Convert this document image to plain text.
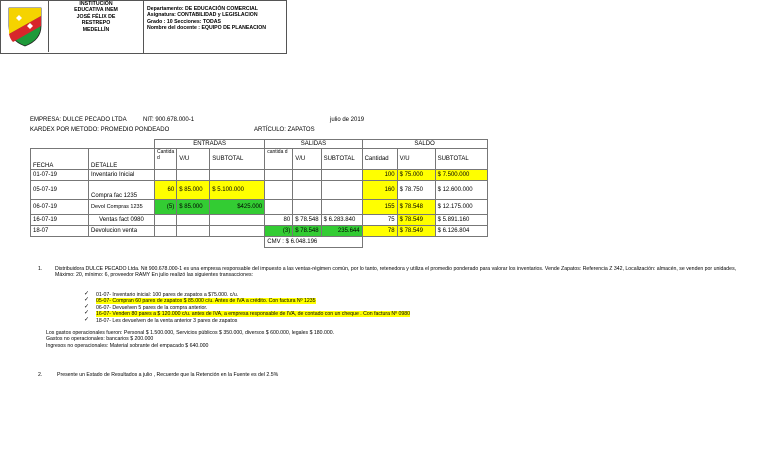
INSTITUCIÓN
EDUCATIVA INEM
JOSÉ FÉLIX DE
RESTREPO
MEDELLÍN
Departamento: DE EDUCACIÓN COMERCIAL
Asignatura: CONTABILIDAD y LEGISLACION
Grado : 10 Secciones: TODAS
Nombre del docente : EQUIPO DE PLANEACION
EMPRESA: DULCE PECADO LTDA	NIT: 900.678.000-1	julio de 2019
KARDEX POR METODO: PROMEDIO PONDEADO	ARTÍCULO: ZAPATOS
		ENTRADAS			SALIDAS			SALDO		
FECHA	DETALLE	Cantida d	V/U	SUBTOTAL	cantida d	V/U	SUBTOTAL	Cantidad	V/U	SUBTOTAL
01-07-19	Inventario Inicial							100	$ 75.000	$ 7.500.000
05-07-19	Compra fac 1235	60	$ 85.000	$ 5.100.000				160	$ 78.750	$ 12.600.000
06-07-19	Devol Compras 1235	(5)	$ 85.000	$425.000				155	$ 78.548	$ 12.175.000
16-07-19	Ventas fact 0980				80	$ 78.548	$ 6.283.840	75	$ 78.549	$ 5.891.160
18-07	Devolucion venta				(3)	$ 78.548	235.644	78	$ 78.549	$ 6.126.804
					CMV : $ 6.048.196					
1. Distribuidora DULCE PECADO Ltda. Nit 900.678.000-1 es una empresa responsable del impuesto a las ventas-régimen común, por lo tanto, retenedora y utiliza el promedio ponderado para valorar los inventarios. Vende Zapatos: Referencia Z 342, Localización: almacén, se venden por unidades, Máximo: 20, mínimo: 6, proveedor RAMY En julio realizó las siguientes transacciones:
✓ 01-07- Inventario inicial: 100 pares de zapatos a $75.000. c/u.
✓ 05-07- Compran 60 pares de zapatos $ 85.000 c/u. Antes de IVA a crédito. Con factura Nº 1235
✓ 06-07- Devuelven 5 pares de la compra anterior.
✓ 16-07- Venden 80 pares a $ 120.000 c/u. antes de IVA, a empresa responsable de IVA, de contado con un cheque . Con factura Nº 0980
✓ 18-07- Les devuelven de la venta anterior 3 pares de zapatos
Los gastos operacionales fueron: Personal $ 1.500.000, Servicios públicos $ 350.000, diversos $ 600.000, legales $ 180.000.
Gastos no operacionales: bancarios $ 200.000
Ingresos no operacionales: Material sobrante del empacado $ 640.000
2.	Presente un Estado de Resultados a julio , Recuerde que la Retención en la Fuente es del 2.5%
